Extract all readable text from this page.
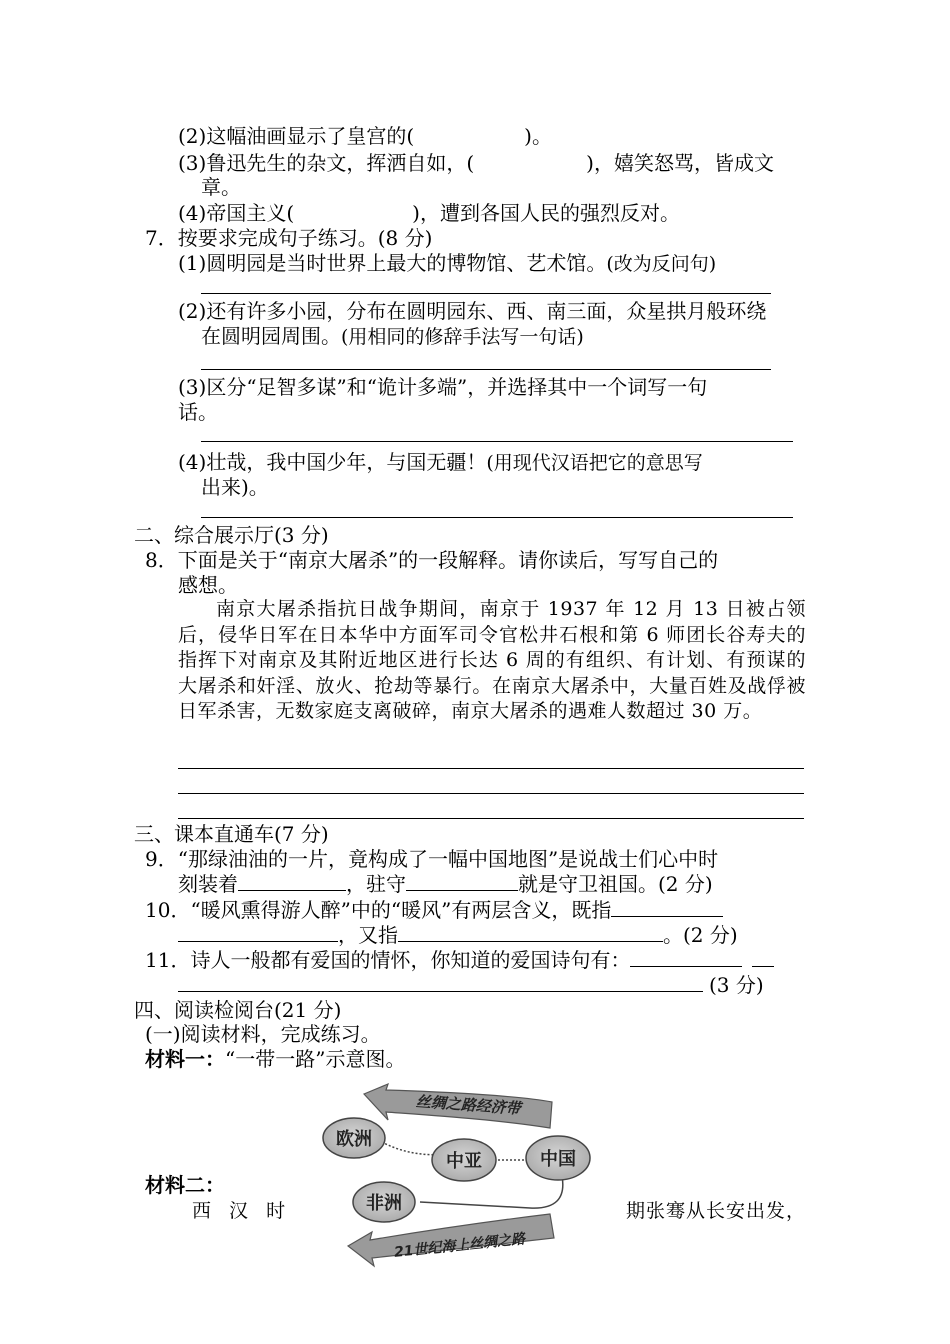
(2)这幅油画显示了皇宫的(	)。
(3)鲁迅先生的杂文，挥洒自如，(	)，嬉笑怒骂，皆成文
章。
(4)帝国主义(	)，遭到各国人民的强烈反对。
7．按要求完成句子练习。(8 分)
(1)圆明园是当时世界上最大的博物馆、艺术馆。(改为反问句)
(2)还有许多小园，分布在圆明园东、西、南三面，众星拱月般环绕
在圆明园周围。(用相同的修辞手法写一句话)
(3)区分“足智多谋”和“诡计多端”，并选择其中一个词写一句
话。
(4)壮哉，我中国少年，与国无疆！(用现代汉语把它的意思写
出来)。
二、综合展示厅(3 分)
8．下面是关于“南京大屠杀”的一段解释。请你读后，写写自己的
感想。

南京大屠杀指抗日战争期间，南京于 1937 年 12 月 13 日被占领后，侵华日军在日本华中方面军司令官松井石根和第 6 师团长谷寿夫的指挥下对南京及其附近地区进行长达 6 周的有组织、有计划、有预谋的大屠杀和奸淫、放火、抢劫等暴行。在南京大屠杀中，大量百姓及战俘被日军杀害，无数家庭支离破碎，南京大屠杀的遇难人数超过 30 万。

三、课本直通车(7 分)
9．“那绿油油的一片，竟构成了一幅中国地图”是说战士们心中时
刻装着	，驻守	就是守卫祖国。(2 分)
10．“暖风熏得游人醉”中的“暖风”有两层含义，既指
，又指	。(2 分)
11．诗人一般都有爱国的情怀，你知道的爱国诗句有：
(3 分)
四、阅读检阅台(21 分)
(一)阅读材料，完成练习。
材料一：“一带一路”示意图。
丝绸之路经济带
欧洲
中亚	中国
非洲
21世纪海上丝绸之路
材料二：
西 汉 时	期张骞从长安出发，
